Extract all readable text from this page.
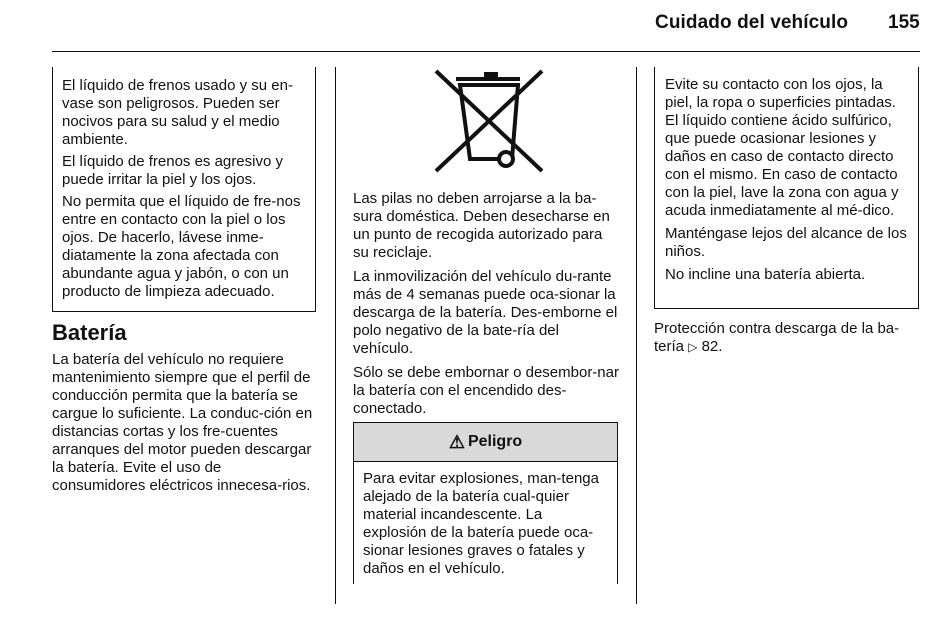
Cuidado del vehículo 155

El líquido de frenos usado y su en-vase son peligrosos. Pueden ser nocivos para su salud y el medio ambiente.

El líquido de frenos es agresivo y puede irritar la piel y los ojos.

No permita que el líquido de fre-nos entre en contacto con la piel o los ojos. De hacerlo, lávese inme-diatamente la zona afectada con abundante agua y jabón, o con un producto de limpieza adecuado.

Batería

La batería del vehículo no requiere mantenimiento siempre que el perfil de conducción permita que la batería se cargue lo suficiente. La conduc-ción en distancias cortas y los fre-cuentes arranques del motor pueden descargar la batería. Evite el uso de consumidores eléctricos innecesa-rios.

Las pilas no deben arrojarse a la ba-sura doméstica. Deben desecharse en un punto de recogida autorizado para su reciclaje.

La inmovilización del vehículo du-rante más de 4 semanas puede oca-sionar la descarga de la batería. Des-emborne el polo negativo de la bate-ría del vehículo.

Sólo se debe embornar o desembor-nar la batería con el encendido des-conectado.

⚠ Peligro

Para evitar explosiones, man-tenga alejado de la batería cual-quier material incandescente. La explosión de la batería puede oca-sionar lesiones graves o fatales y daños en el vehículo.

Evite su contacto con los ojos, la piel, la ropa o superficies pintadas. El líquido contiene ácido sulfúrico, que puede ocasionar lesiones y daños en caso de contacto directo con el mismo. En caso de contacto con la piel, lave la zona con agua y acuda inmediatamente al mé-dico.

Manténgase lejos del alcance de los niños.

No incline una batería abierta.

Protección contra descarga de la ba-tería ▷ 82.
